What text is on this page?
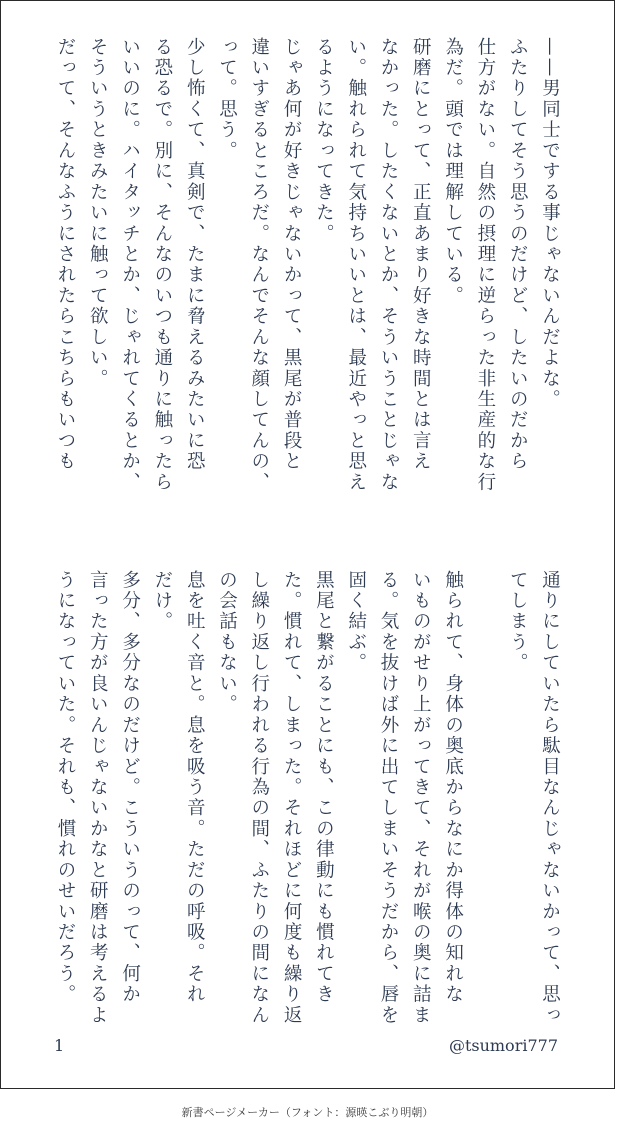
——男同士でする事じゃないんだよな。
ふたりしてそう思うのだけど、したいのだから
仕方がない。自然の摂理に逆らった非生産的な行
為だ。頭では理解している。
研磨にとって、正直あまり好きな時間とは言え
なかった。したくないとか、そういうことじゃな
い。触れられて気持ちいいとは、最近やっと思え
るようになってきた。
じゃあ何が好きじゃないかって、黒尾が普段と
違いすぎるところだ。なんでそんな顔してんの、
って。思う。
少し怖くて、真剣で、たまに脅えるみたいに恐
る恐るで。別に、そんなのいつも通りに触ったら
いいのに。ハイタッチとか、じゃれてくるとか、
そういうときみたいに触って欲しい。
だって、そんなふうにされたらこちらもいつも
通りにしていたら駄目なんじゃないかって、思っ
てしまう。
触られて、身体の奥底からなにか得体の知れな
いものがせり上がってきて、それが喉の奥に詰ま
る。気を抜けば外に出てしまいそうだから、唇を
固く結ぶ。
黒尾と繋がることにも、この律動にも慣れてき
た。慣れて、しまった。それほどに何度も繰り返
し繰り返し行われる行為の間、ふたりの間になん
の会話もない。
息を吐く音と。息を吸う音。ただの呼吸。それ
だけ。
多分、多分なのだけど。こういうのって、何か
言った方が良いんじゃないかなと研磨は考えるよ
うになっていた。それも、慣れのせいだろう。
1	@tsumori777
新書ページメーカー（フォント：源暎こぶり明朝）
